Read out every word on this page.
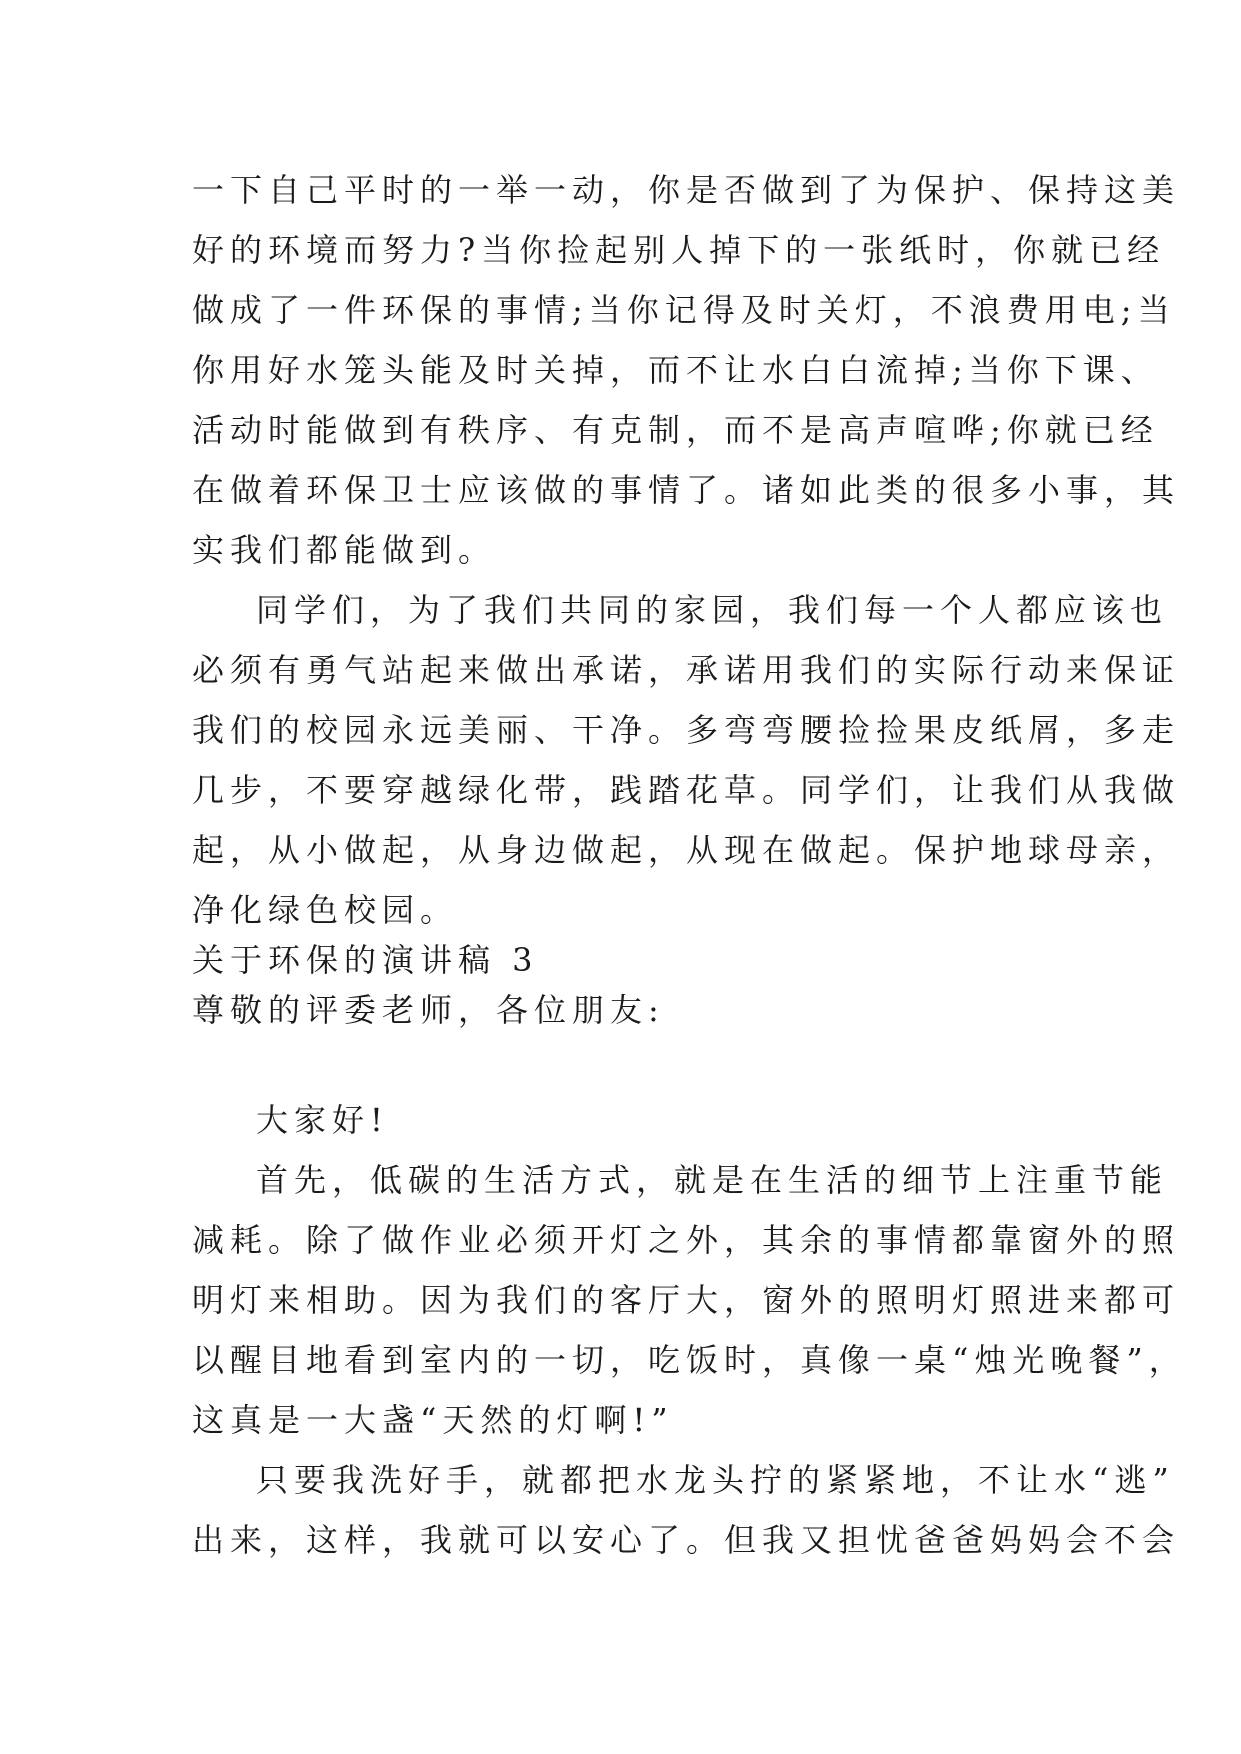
一下自己平时的一举一动，你是否做到了为保护、保持这美
好的环境而努力?当你捡起别人掉下的一张纸时，你就已经
做成了一件环保的事情;当你记得及时关灯，不浪费用电;当
你用好水笼头能及时关掉，而不让水白白流掉;当你下课、
活动时能做到有秩序、有克制，而不是高声喧哗;你就已经
在做着环保卫士应该做的事情了。诸如此类的很多小事，其
实我们都能做到。
同学们，为了我们共同的家园，我们每一个人都应该也
必须有勇气站起来做出承诺，承诺用我们的实际行动来保证
我们的校园永远美丽、干净。多弯弯腰捡捡果皮纸屑，多走
几步，不要穿越绿化带，践踏花草。同学们，让我们从我做
起，从小做起，从身边做起，从现在做起。保护地球母亲，
净化绿色校园。
关于环保的演讲稿 3
尊敬的评委老师，各位朋友:
大家好!
首先，低碳的生活方式，就是在生活的细节上注重节能
减耗。除了做作业必须开灯之外，其余的事情都靠窗外的照
明灯来相助。因为我们的客厅大，窗外的照明灯照进来都可
以醒目地看到室内的一切，吃饭时，真像一桌“烛光晚餐”，
这真是一大盏“天然的灯啊!”
只要我洗好手，就都把水龙头拧的紧紧地，不让水“逃”
出来，这样，我就可以安心了。但我又担忧爸爸妈妈会不会
